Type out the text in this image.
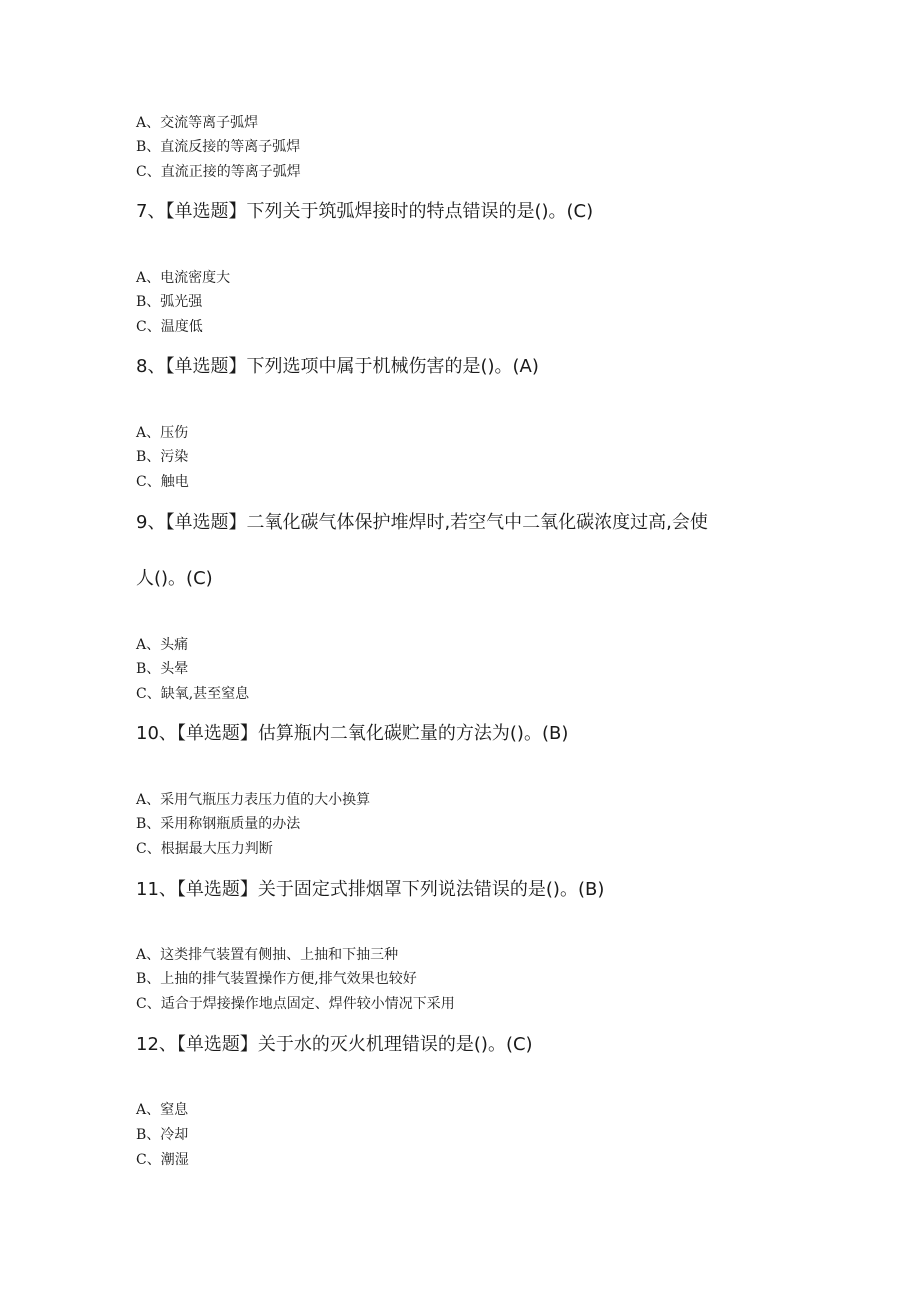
A、交流等离子弧焊
B、直流反接的等离子弧焊
C、直流正接的等离子弧焊
7、【单选题】下列关于筑弧焊接时的特点错误的是()。(C)
A、电流密度大
B、弧光强
C、温度低
8、【单选题】下列选项中属于机械伤害的是()。(A)
A、压伤
B、污染
C、触电
9、【单选题】二氧化碳气体保护堆焊时,若空气中二氧化碳浓度过高,会使
人()。(C)
A、头痛
B、头晕
C、缺氧,甚至窒息
10、【单选题】估算瓶内二氧化碳贮量的方法为()。(B)
A、采用气瓶压力表压力值的大小换算
B、采用称钢瓶质量的办法
C、根据最大压力判断
11、【单选题】关于固定式排烟罩下列说法错误的是()。(B)
A、这类排气装置有侧抽、上抽和下抽三种
B、上抽的排气装置操作方便,排气效果也较好
C、适合于焊接操作地点固定、焊件较小情况下采用
12、【单选题】关于水的灭火机理错误的是()。(C)
A、窒息
B、冷却
C、潮湿
